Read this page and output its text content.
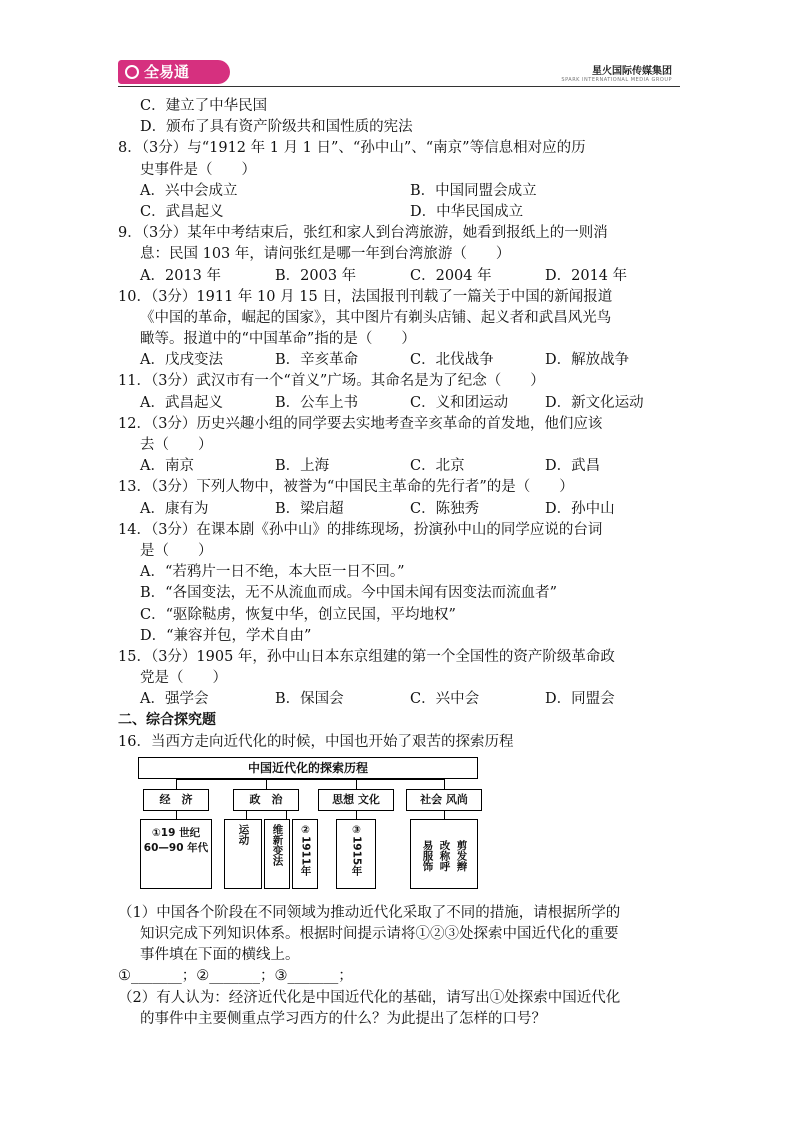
全易通	星火国际传媒集团
SPARK INTERNATIONAL MEDIA GROUP
C．建立了中华民国
D．颁布了具有资产阶级共和国性质的宪法
8．（3分）与“1912 年 1 月 1 日”、“孙中山”、“南京”等信息相对应的历
史事件是（　　）
A．兴中会成立	B．中国同盟会成立
C．武昌起义	D．中华民国成立
9．（3分）某年中考结束后，张红和家人到台湾旅游，她看到报纸上的一则消
息：民国 103 年，请问张红是哪一年到台湾旅游（　　）
A．2013 年	B．2003 年	C．2004 年	D．2014 年
10．（3分）1911 年 10 月 15 日，法国报刊刊载了一篇关于中国的新闻报道
《中国的革命，崛起的国家》，其中图片有剃头店铺、起义者和武昌风光鸟
瞰等。报道中的“中国革命”指的是（　　）
A．戊戌变法	B．辛亥革命	C．北伐战争	D．解放战争
11．（3分）武汉市有一个“首义”广场。其命名是为了纪念（　　）
A．武昌起义	B．公车上书	C．义和团运动	D．新文化运动
12．（3分）历史兴趣小组的同学要去实地考查辛亥革命的首发地，他们应该
去（　　）
A．南京	B．上海	C．北京	D．武昌
13．（3分）下列人物中，被誉为“中国民主革命的先行者”的是（　　）
A．康有为	B．梁启超	C．陈独秀	D．孙中山
14．（3分）在课本剧《孙中山》的排练现场，扮演孙中山的同学应说的台词
是（　　）
A．“若鸦片一日不绝，本大臣一日不回。”
B．“各国变法，无不从流血而成。今中国未闻有因变法而流血者”
C．“驱除鞑虏，恢复中华，创立民国，平均地权”
D．“兼容并包，学术自由”
15．（3分）1905 年，孙中山日本东京组建的第一个全国性的资产阶级革命政
党是（　　）
A．强学会	B．保国会	C．兴中会	D．同盟会
二、综合探究题
16．当西方走向近代化的时候，中国也开始了艰苦的探索历程
中国近代化的探索历程
经　济	政　治	思想 文化	社会 风尚
①19 世纪
60—90 年代
运动	维新变法	②1911年	③1915年	易服饰 改称呼 剪发辫
（1）中国各个阶段在不同领域为推动近代化采取了不同的措施，请根据所学的
知识完成下列知识体系。根据时间提示请将①②③处探索中国近代化的重要
事件填在下面的横线上。
①_______；②_______；③_______；
（2）有人认为：经济近代化是中国近代化的基础，请写出①处探索中国近代化
的事件中主要侧重点学习西方的什么？为此提出了怎样的口号？
